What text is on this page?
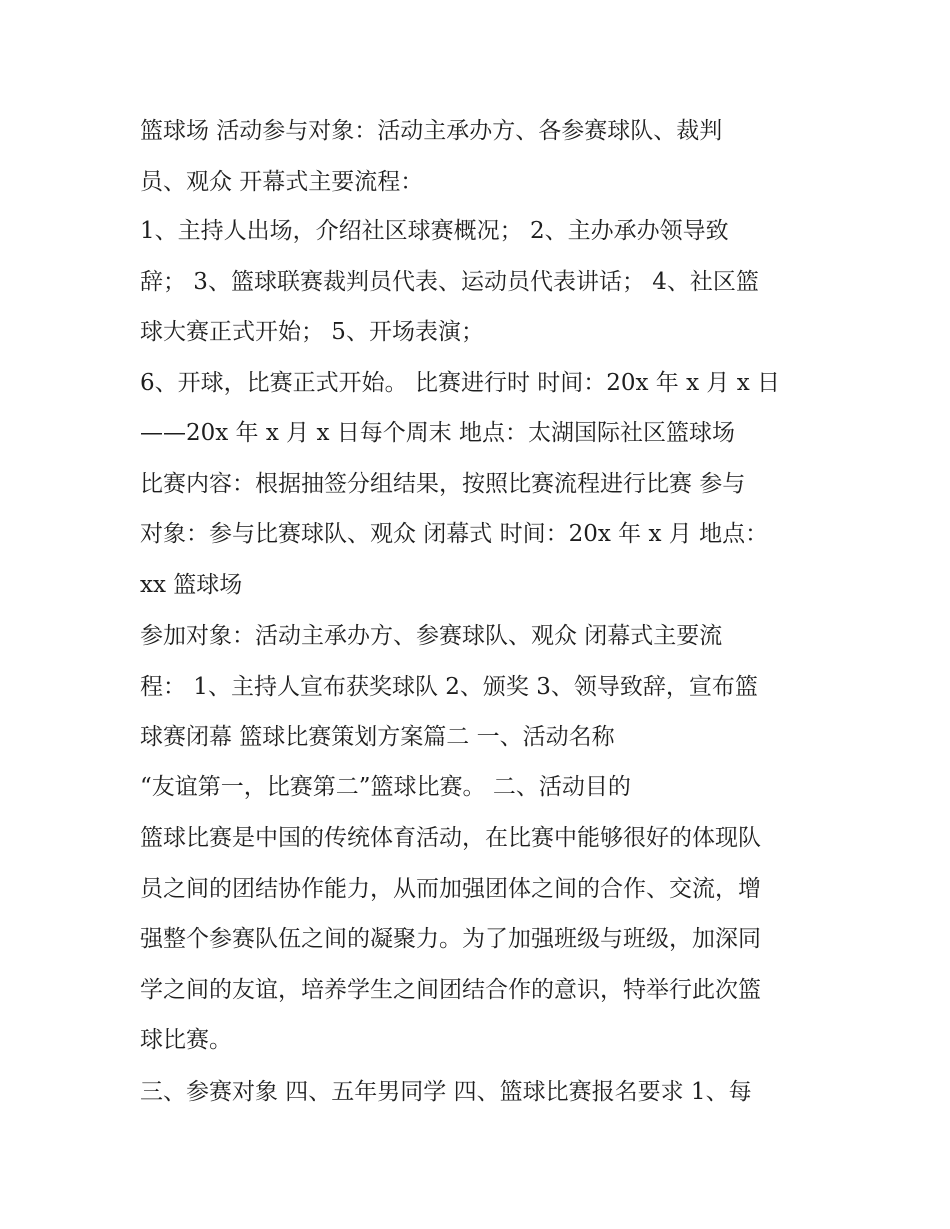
篮球场 活动参与对象：活动主承办方、各参赛球队、裁判
员、观众 开幕式主要流程：
1、主持人出场，介绍社区球赛概况； 2、主办承办领导致
辞； 3、篮球联赛裁判员代表、运动员代表讲话； 4、社区篮
球大赛正式开始； 5、开场表演；
6、开球，比赛正式开始。 比赛进行时 时间：20x 年 x 月 x 日
——20x 年 x 月 x 日每个周末 地点：太湖国际社区篮球场
比赛内容：根据抽签分组结果，按照比赛流程进行比赛 参与
对象：参与比赛球队、观众 闭幕式 时间：20x 年 x 月 地点：
xx 篮球场
参加对象：活动主承办方、参赛球队、观众 闭幕式主要流
程： 1、主持人宣布获奖球队 2、颁奖 3、领导致辞，宣布篮
球赛闭幕 篮球比赛策划方案篇二 一、活动名称
“友谊第一，比赛第二”篮球比赛。 二、活动目的
篮球比赛是中国的传统体育活动，在比赛中能够很好的体现队
员之间的团结协作能力，从而加强团体之间的合作、交流，增
强整个参赛队伍之间的凝聚力。为了加强班级与班级，加深同
学之间的友谊，培养学生之间团结合作的意识，特举行此次篮
球比赛。
三、参赛对象 四、五年男同学 四、篮球比赛报名要求 1、每
